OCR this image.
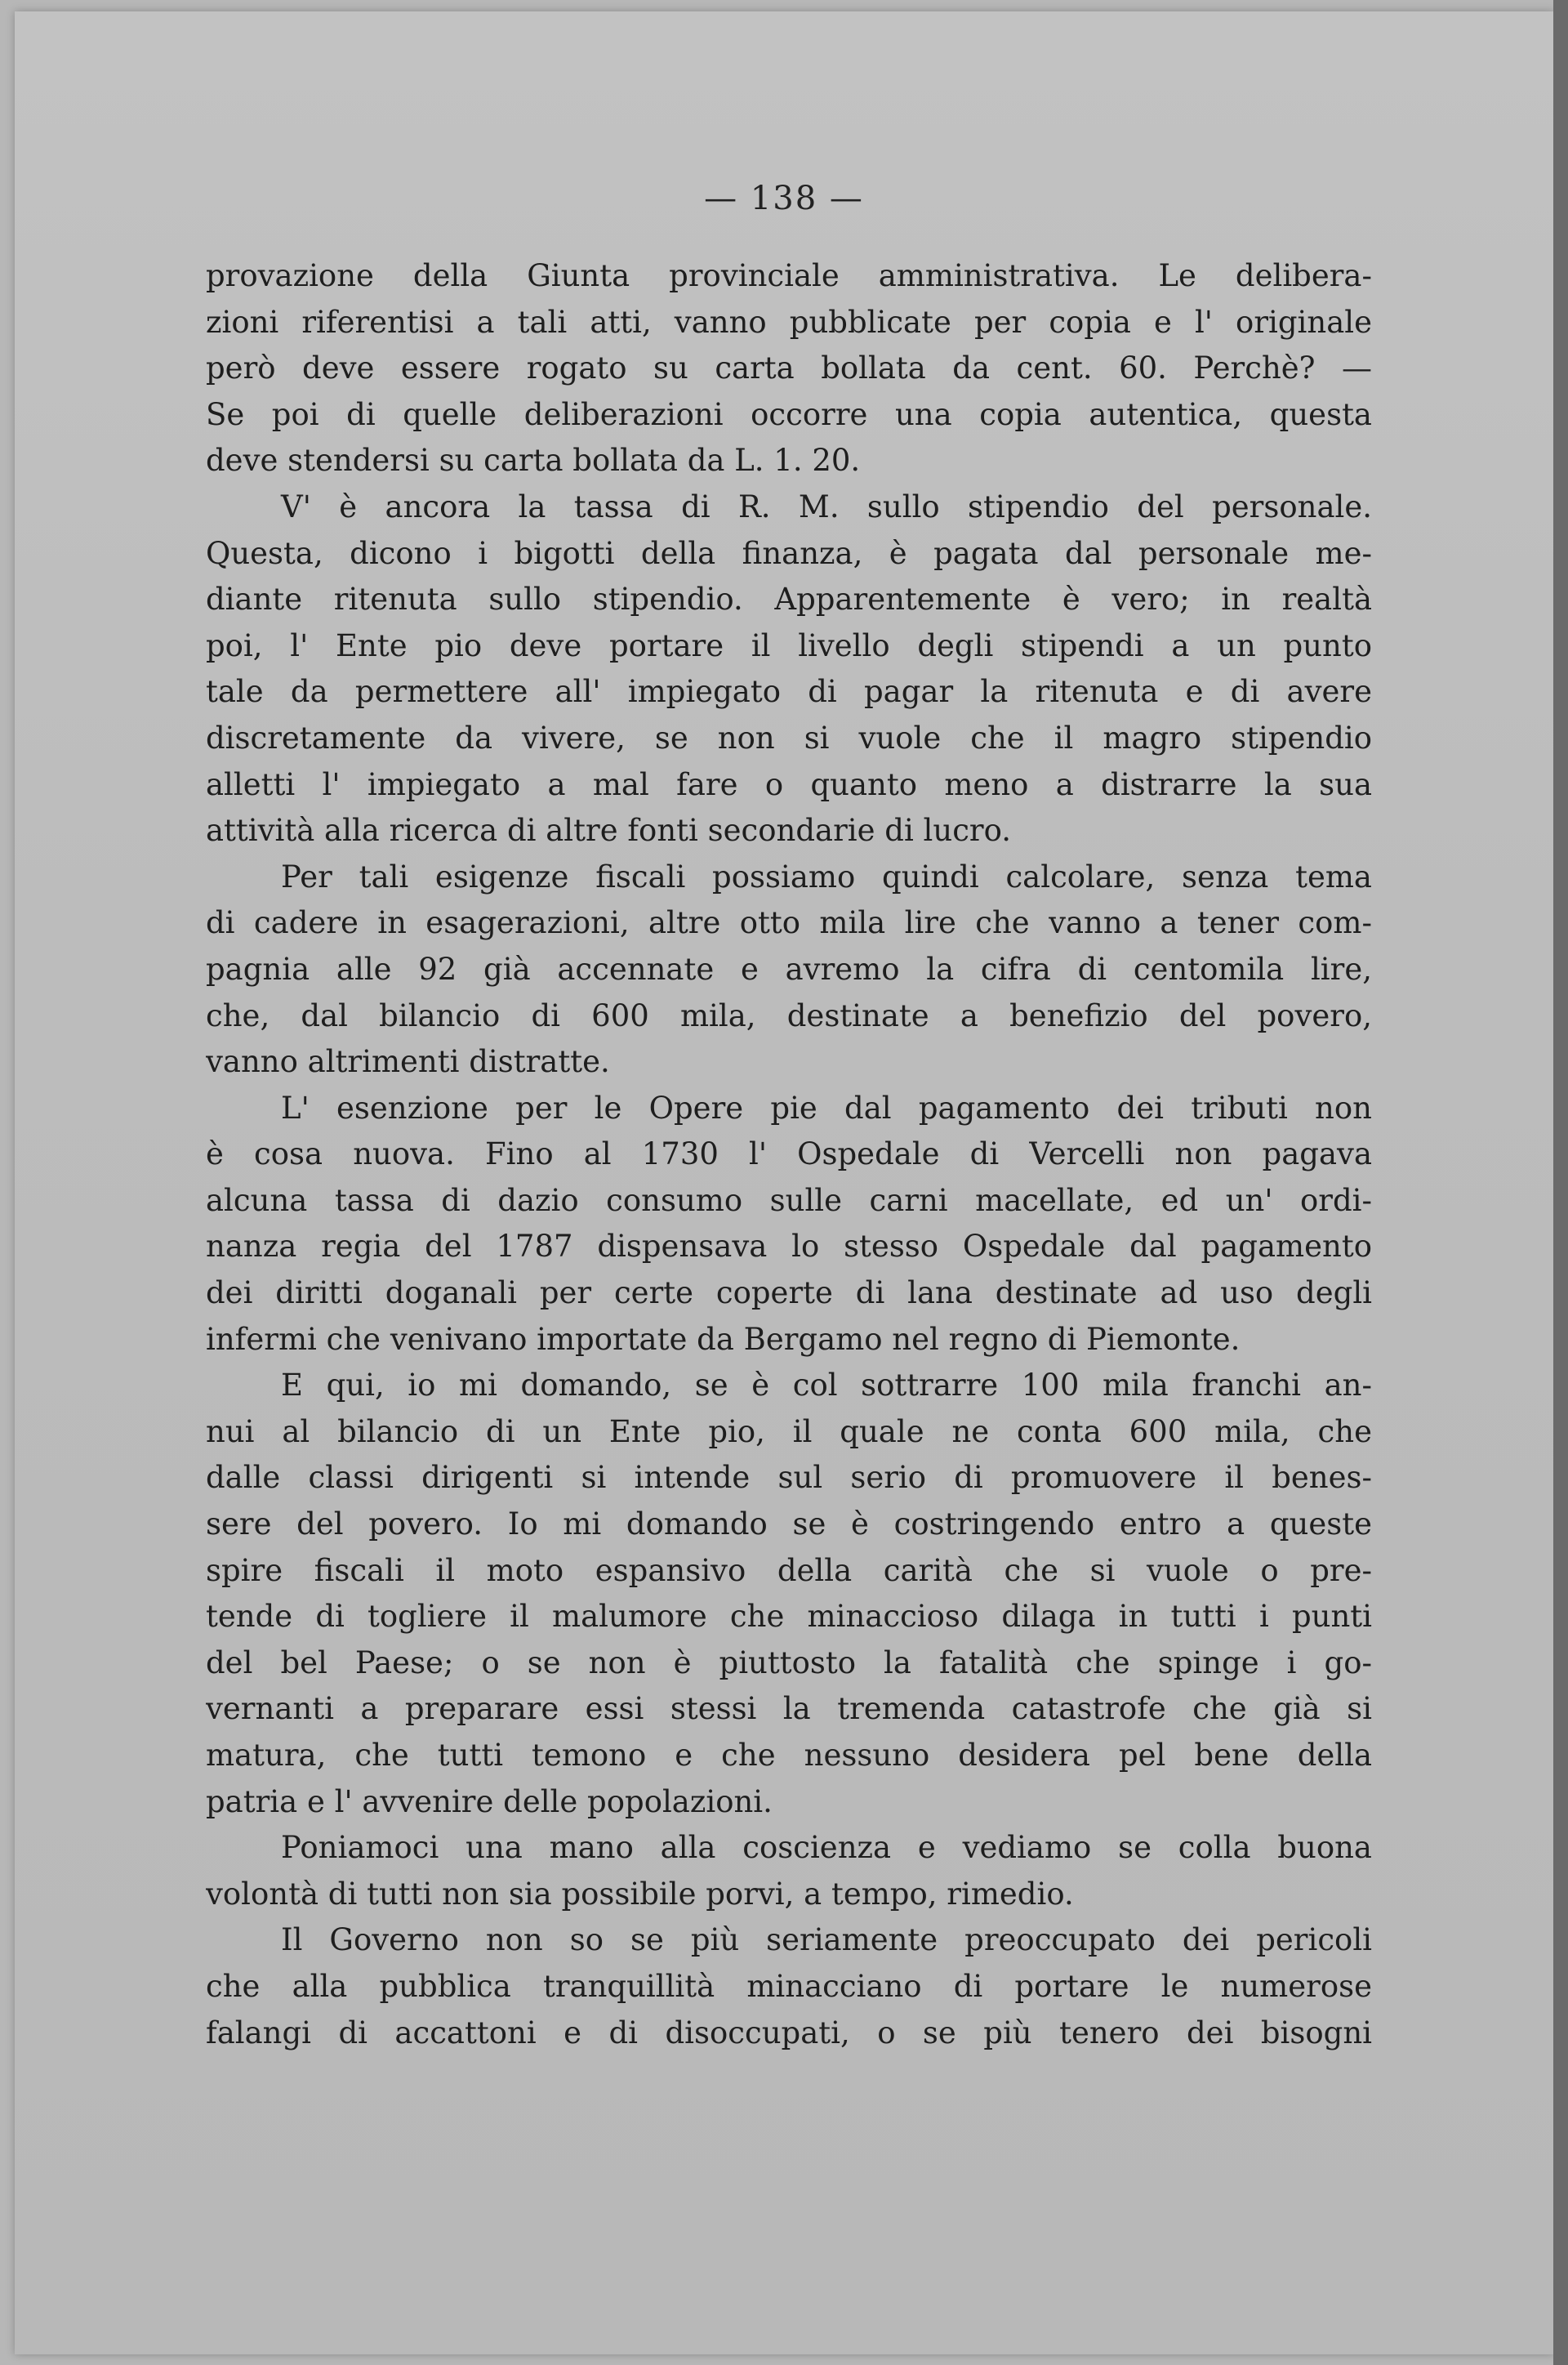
— 138 —
provazione della Giunta provinciale amministrativa. Le delibera-
zioni riferentisi a tali atti, vanno pubblicate per copia e l' originale
però deve essere rogato su carta bollata da cent. 60. Perchè? —
Se poi di quelle deliberazioni occorre una copia autentica, questa
deve stendersi su carta bollata da L. 1. 20.
V' è ancora la tassa di R. M. sullo stipendio del personale.
Questa, dicono i bigotti della finanza, è pagata dal personale me-
diante ritenuta sullo stipendio. Apparentemente è vero; in realtà
poi, l' Ente pio deve portare il livello degli stipendi a un punto
tale da permettere all' impiegato di pagar la ritenuta e di avere
discretamente da vivere, se non si vuole che il magro stipendio
alletti l' impiegato a mal fare o quanto meno a distrarre la sua
attività alla ricerca di altre fonti secondarie di lucro.
Per tali esigenze fiscali possiamo quindi calcolare, senza tema
di cadere in esagerazioni, altre otto mila lire che vanno a tener com-
pagnia alle 92 già accennate e avremo la cifra di centomila lire,
che, dal bilancio di 600 mila, destinate a benefizio del povero,
vanno altrimenti distratte.
L' esenzione per le Opere pie dal pagamento dei tributi non
è cosa nuova. Fino al 1730 l' Ospedale di Vercelli non pagava
alcuna tassa di dazio consumo sulle carni macellate, ed un' ordi-
nanza regia del 1787 dispensava lo stesso Ospedale dal pagamento
dei diritti doganali per certe coperte di lana destinate ad uso degli
infermi che venivano importate da Bergamo nel regno di Piemonte.
E qui, io mi domando, se è col sottrarre 100 mila franchi an-
nui al bilancio di un Ente pio, il quale ne conta 600 mila, che
dalle classi dirigenti si intende sul serio di promuovere il benes-
sere del povero. Io mi domando se è costringendo entro a queste
spire fiscali il moto espansivo della carità che si vuole o pre-
tende di togliere il malumore che minaccioso dilaga in tutti i punti
del bel Paese; o se non è piuttosto la fatalità che spinge i go-
vernanti a preparare essi stessi la tremenda catastrofe che già si
matura, che tutti temono e che nessuno desidera pel bene della
patria e l' avvenire delle popolazioni.
Poniamoci una mano alla coscienza e vediamo se colla buona
volontà di tutti non sia possibile porvi, a tempo, rimedio.
Il Governo non so se più seriamente preoccupato dei pericoli
che alla pubblica tranquillità minacciano di portare le numerose
falangi di accattoni e di disoccupati, o se più tenero dei bisogni
